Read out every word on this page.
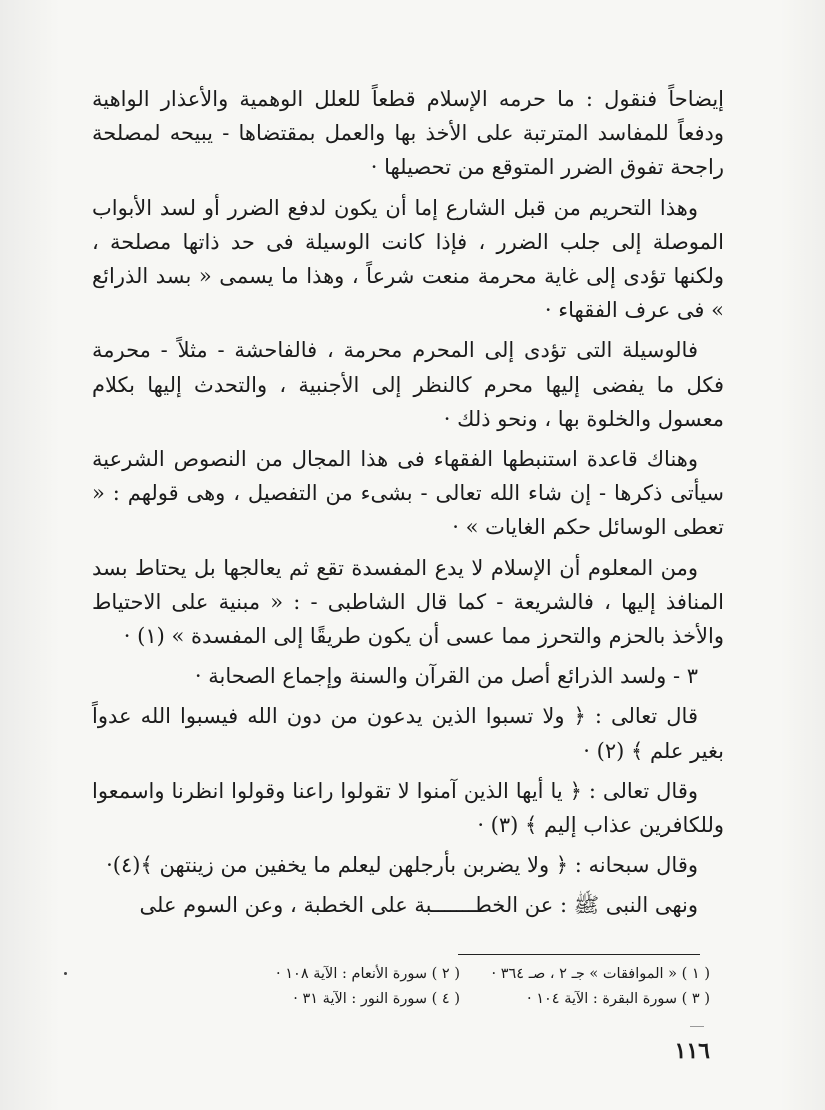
إيضاحاً فنقول : ما حرمه الإسلام قطعاً للعلل الوهمية والأعذار الواهية ودفعاً للمفاسد المترتبة على الأخذ بها والعمل بمقتضاها - يبيحه لمصلحة راجحة تفوق الضرر المتوقع من تحصيلها ·

وهذا التحريم من قبل الشارع إما أن يكون لدفع الضرر أو لسد الأبواب الموصلة إلى جلب الضرر ، فإذا كانت الوسيلة فى حد ذاتها مصلحة ، ولكنها تؤدى إلى غاية محرمة منعت شرعاً ، وهذا ما يسمى « بسد الذرائع » فى عرف الفقهاء ·

فالوسيلة التى تؤدى إلى المحرم محرمة ، فالفاحشة - مثلاً - محرمة فكل ما يفضى إليها محرم كالنظر إلى الأجنبية ، والتحدث إليها بكلام معسول والخلوة بها ، ونحو ذلك ·

وهناك قاعدة استنبطها الفقهاء فى هذا المجال من النصوص الشرعية سيأتى ذكرها - إن شاء الله تعالى - بشىء من التفصيل ، وهى قولهم : « تعطى الوسائل حكم الغايات » ·

ومن المعلوم أن الإسلام لا يدع المفسدة تقع ثم يعالجها بل يحتاط بسد المنافذ إليها ، فالشريعة - كما قال الشاطبى - : « مبنية على الاحتياط والأخذ بالحزم والتحرز مما عسى أن يكون طريقًا إلى المفسدة » (١) ·

٣ - ولسد الذرائع أصل من القرآن والسنة وإجماع الصحابة ·

قال تعالى : ﴿ ولا تسبوا الذين يدعون من دون الله فيسبوا الله عدواً بغير علم ﴾ (٢) ·

وقال تعالى : ﴿ يا أيها الذين آمنوا لا تقولوا راعنا وقولوا انظرنا واسمعوا وللكافرين عذاب إليم ﴾ (٣) ·

وقال سبحانه : ﴿ ولا يضربن بأرجلهن ليعلم ما يخفين من زينتهن ﴾(٤)·

ونهى النبى ﷺ : عن الخطـــــــبة على الخطبة ، وعن السوم على

( ١ ) « الموافقات » جـ ٢ ، صـ ٣٦٤ ·
( ٢ ) سورة الأنعام : الآية ١٠٨ ·
( ٣ ) سورة البقرة : الآية ١٠٤ ·
( ٤ ) سورة النور : الآية ٣١ ·
١١٦
